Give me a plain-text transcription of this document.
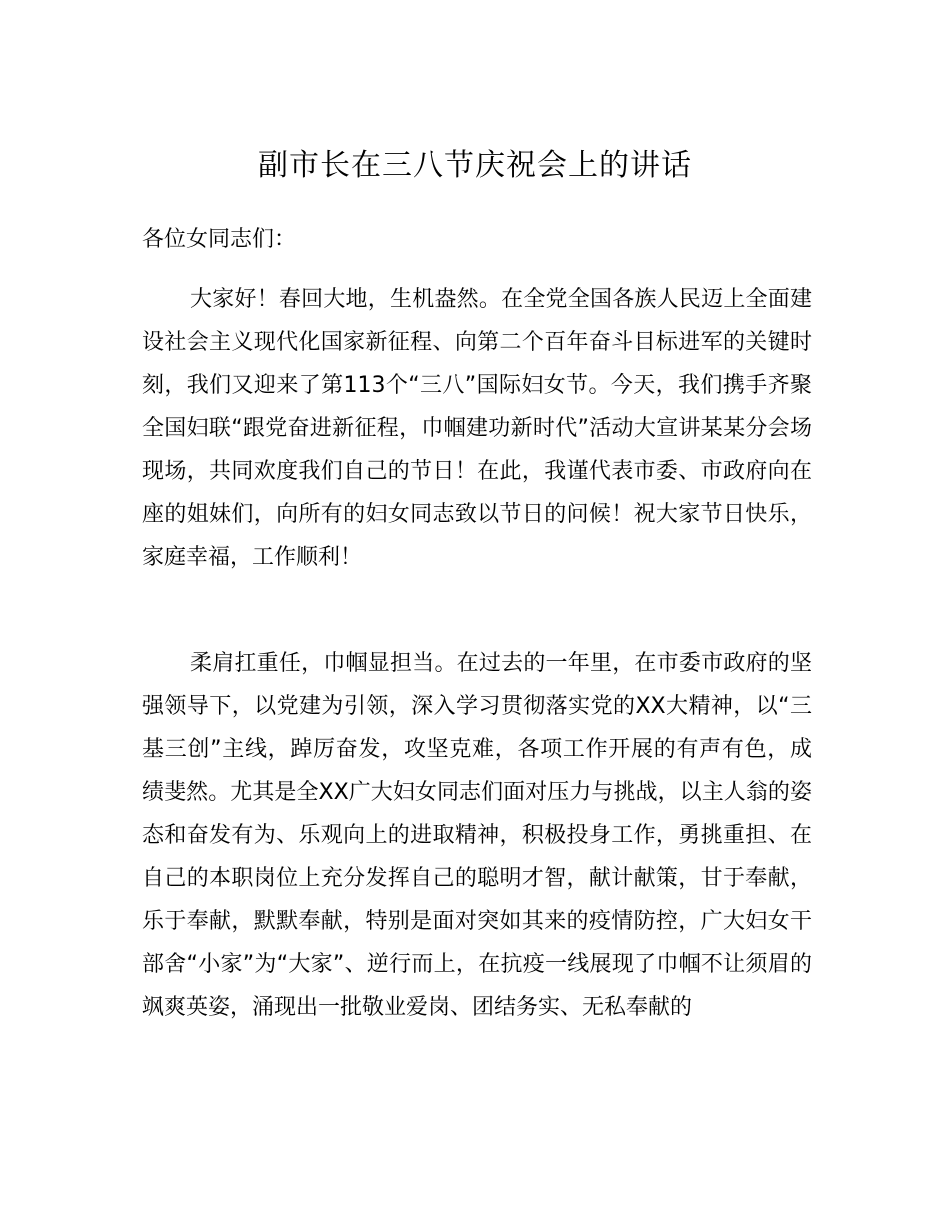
副市长在三八节庆祝会上的讲话
各位女同志们：

大家好！春回大地，生机盎然。在全党全国各族人民迈上全面建设社会主义现代化国家新征程、向第二个百年奋斗目标进军的关键时刻，我们又迎来了第113个“三八”国际妇女节。今天，我们携手齐聚全国妇联“跟党奋进新征程，巾帼建功新时代”活动大宣讲某某分会场现场，共同欢度我们自己的节日！在此，我谨代表市委、市政府向在座的姐妹们，向所有的妇女同志致以节日的问候！祝大家节日快乐，家庭幸福，工作顺利！

柔肩扛重任，巾帼显担当。在过去的一年里，在市委市政府的坚强领导下，以党建为引领，深入学习贯彻落实党的XX大精神，以“三基三创”主线，踔厉奋发，攻坚克难，各项工作开展的有声有色，成绩斐然。尤其是全XX广大妇女同志们面对压力与挑战，以主人翁的姿态和奋发有为、乐观向上的进取精神，积极投身工作，勇挑重担、在自己的本职岗位上充分发挥自己的聪明才智，献计献策，甘于奉献，乐于奉献，默默奉献，特别是面对突如其来的疫情防控，广大妇女干部舍“小家”为“大家”、逆行而上，在抗疫一线展现了巾帼不让须眉的飒爽英姿，涌现出一批敬业爱岗、团结务实、无私奉献的
